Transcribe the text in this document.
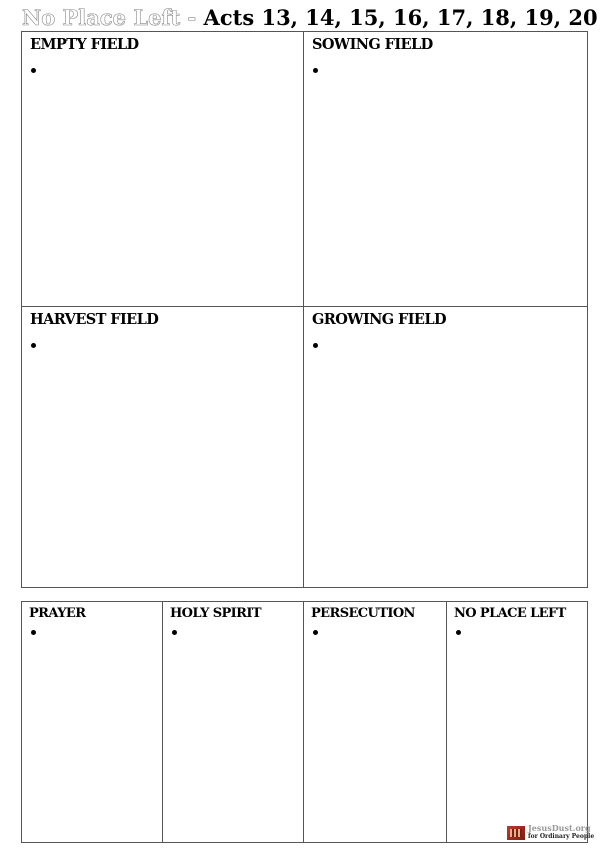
No Place Left - Acts 13, 14, 15, 16, 17, 18, 19, 20
EMPTY FIELD	SOWING FIELD
HARVEST FIELD	GROWING FIELD
PRAYER	HOLY SPIRIT	PERSECUTION	NO PLACE LEFT
JesusDust.org
for Ordinary People
